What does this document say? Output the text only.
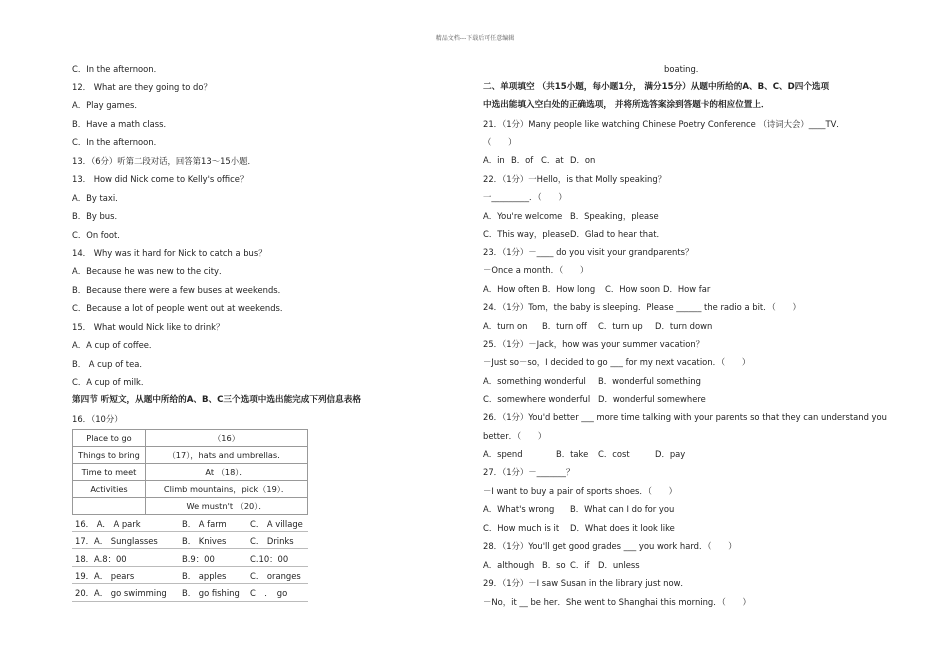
精品文档---下载后可任意编辑
C．In the afternoon．
12． What are they going to do？
A．Play games．
B．Have a math class．
C．In the afternoon．
13．（6分）听第二段对话，回答第13～15小题．
13． How did Nick come to Kelly's office？
A．By taxi．
B．By bus．
C．On foot．
14． Why was it hard for Nick to catch a bus？
A．Because he was new to the city．
B．Because there were a few buses at weekends．
C．Because a lot of people went out at weekends．
15． What would Nick like to drink？
A．A cup of coffee．
B． A cup of tea．
C．A cup of milk．
第四节 听短文，从题中所给的A、B、C三个选项中选出能完成下列信息表格
16．（10分）
Place to go	（16）
Things to bring	（17），hats and umbrellas．
Time to meet	At （18）．
Activities	Climb mountains，pick（19）．
	We mustn't （20）．
16． A． A park	B． A farm	C． A village
17．A． Sunglasses	B． Knives	C． Drinks
18．A.8：00	B.9：00	C.10：00
19．A． pears	B． apples	C． oranges
20．A． go swimming B． go fishing C　．　go
boating．
二、单项填空 （共15小题，每小题1分， 满分15分）从题中所给的A、B、C、D四个选项
中选出能填入空白处的正确选项， 并将所选答案涂到答题卡的相应位置上．
21．（1分）Many people like watching Chinese Poetry Conference （诗词大会）____TV．
（　　）
A．in B．of C．at D．on
22．（1分）一Hello，is that Molly speaking？
一_________．（　　）
A．You're welcome B．Speaking，please
C．This way，please D．Glad to hear that．
23．（1分）－____ do you visit your grandparents？
－Once a month．（　　）
A．How often B．How long C．How soon D．How far
24．（1分）Tom，the baby is sleeping．Please ______ the radio a bit．（　　）
A．turn on B．turn off C．turn up D．turn down
25．（1分）－Jack，how was your summer vacation？
－Just so－so，I decided to go ___ for my next vacation．（　　）
A．something wonderful B．wonderful something
C．somewhere wonderful D．wonderful somewhere
26．（1分）You'd better ___ more time talking with your parents so that they can understand you
better．（　　）
A．spend	B．take C．cost	D．pay
27．（1分）－_______？
－I want to buy a pair of sports shoes．（　　）
A．What's wrong B．What can I do for you
C．How much is it D．What does it look like
28．（1分）You'll get good grades ___ you work hard．（　　）
A．although B．so C．if D．unless
29．（1分）－I saw Susan in the library just now．
－No，it __ be her．She went to Shanghai this morning．（　　）
